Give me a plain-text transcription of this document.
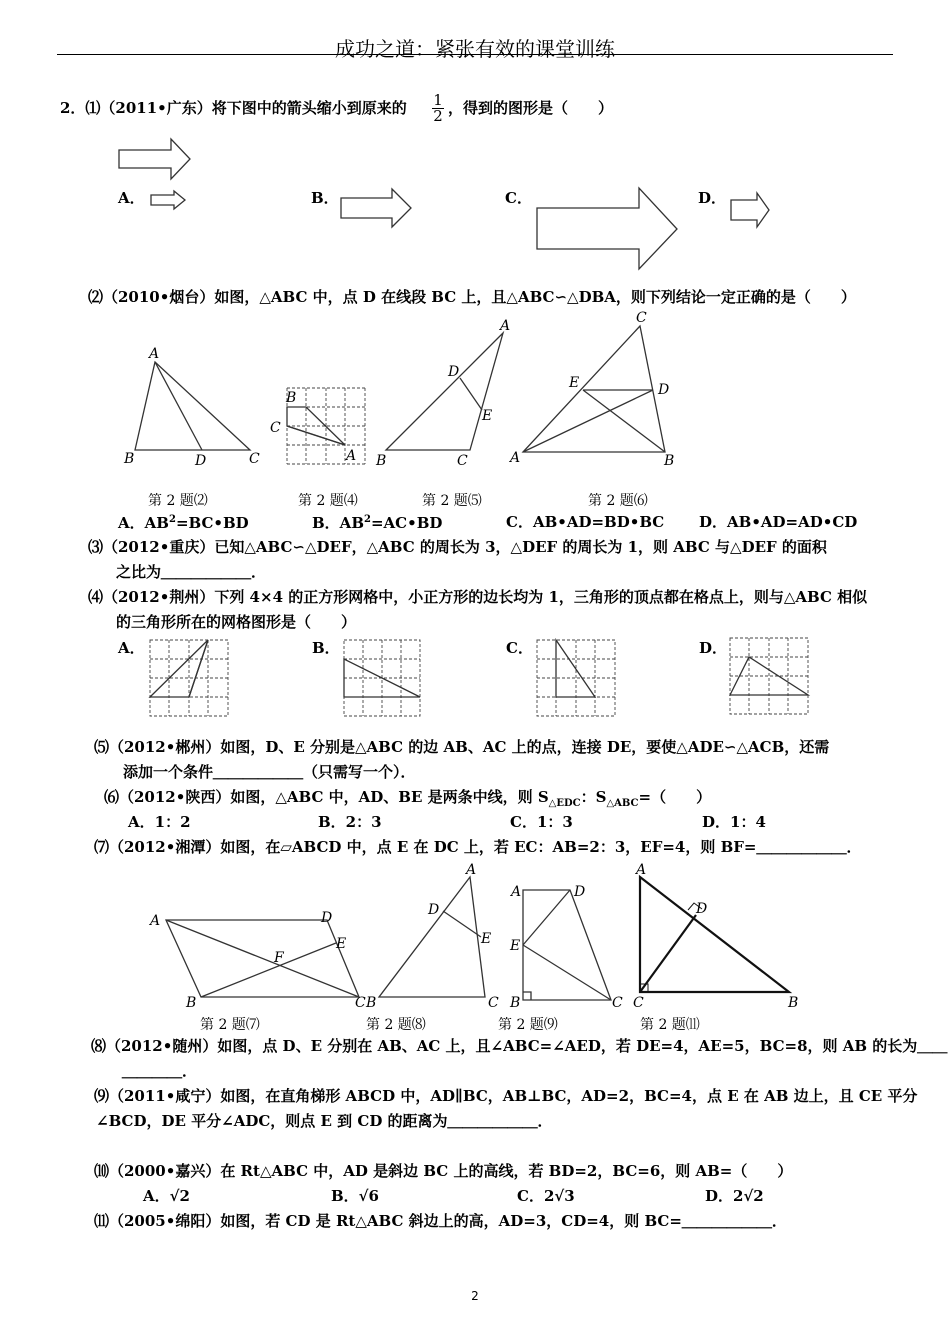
成功之道：紧张有效的课堂训练
2．⑴（2011•广东）将下图中的箭头缩小到原来的 $\frac{1}{2}$ ，得到的图形是（　　）
A．	B．	C．	D．
A
B	D	C
B
C
A
A
D
E
B	C
C
E	D
A	B
A	D
E
F
B	C
A
D
E
B	C
A	D
E
B	C
A
D
C	B
⑵（2010•烟台）如图，△ABC 中，点 D 在线段 BC 上，且△ABC∽△DBA，则下列结论一定正确的是（　　）
第 2 题⑵	第 2 题⑷	第 2 题⑸	第 2 题⑹
A．$AB^2=BC•BD$	B．$AB^2=AC•BD$	C．AB•AD=BD•BC D．AB•AD=AD•CD
⑶（2012•重庆）已知△ABC∽△DEF，△ABC 的周长为 3，△DEF 的周长为 1，则 ABC 与△DEF 的面积
之比为＿＿＿＿＿＿．
⑷（2012•荆州）下列 4×4 的正方形网格中，小正方形的边长均为 1，三角形的顶点都在格点上，则与△ABC 相似
的三角形所在的网格图形是（　　）
A．	B．	C．	D．
⑸（2012•郴州）如图，D、E 分别是△ABC 的边 AB、AC 上的点，连接 DE，要使△ADE∽△ACB，还需
添加一个条件＿＿＿＿＿＿（只需写一个）．
⑹（2012•陕西）如图，△ABC 中，AD、BE 是两条中线，则 $S_{\triangle EDC}$：$S_{\triangle ABC}=$（　　）
A．1：2	B．2：3	C．1：3	D．1：4
⑺（2012•湘潭）如图，在▱ABCD 中，点 E 在 DC 上，若 EC：AB=2：3，EF=4，则 BF=＿＿＿＿＿＿．
第 2 题⑺	第 2 题⑻	第 2 题⑼	第 2 题⑾
⑻（2012•随州）如图，点 D、E 分别在 AB、AC 上，且∠ABC=∠AED，若 DE=4，AE=5，BC=8，则 AB 的长为＿＿
＿＿＿＿．
⑼（2011•咸宁）如图，在直角梯形 ABCD 中，AD∥BC，AB⊥BC，AD=2，BC=4，点 E 在 AB 边上，且 CE 平分
∠BCD，DE 平分∠ADC，则点 E 到 CD 的距离为＿＿＿＿＿＿．
⑽（2000•嘉兴）在 Rt△ABC 中，AD 是斜边 BC 上的高线，若 BD=2，BC=6，则 AB=（　　）
A．√2	B．√6	C．2√3	D．2√2
⑾（2005•绵阳）如图，若 CD 是 Rt△ABC 斜边上的高，AD=3，CD=4，则 BC=＿＿＿＿＿＿．
2
